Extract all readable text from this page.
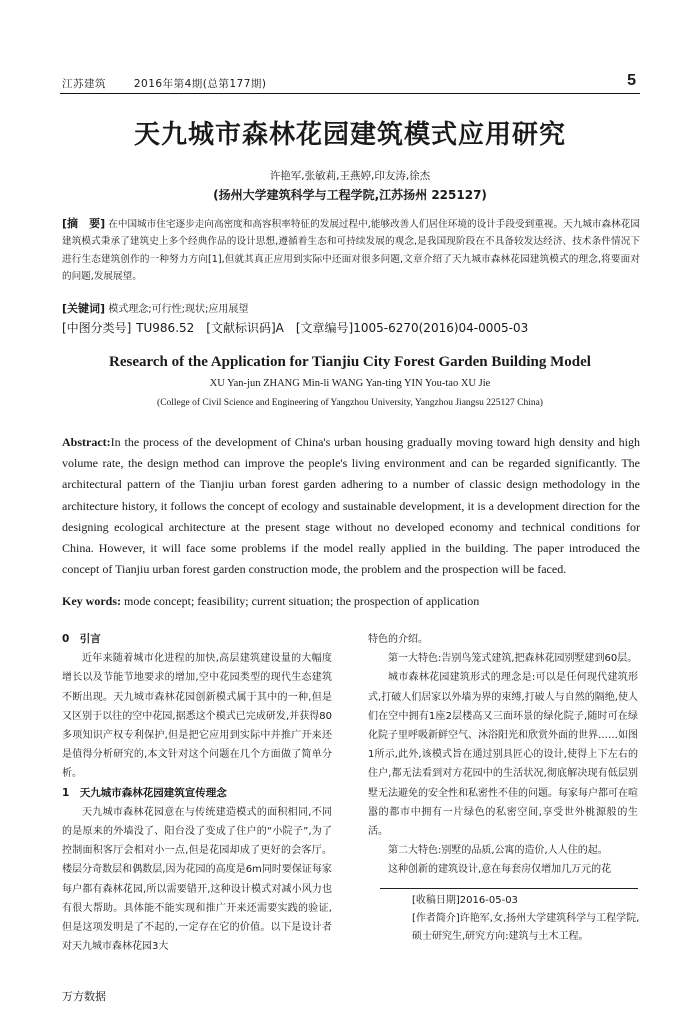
江苏建筑	2016年第4期(总第177期)	5
天九城市森林花园建筑模式应用研究
许艳军,张敏莉,王燕婷,印友涛,徐杰
(扬州大学建筑科学与工程学院,江苏扬州 225127)
[摘　要] 在中国城市住宅逐步走向高密度和高容积率特征的发展过程中,能够改善人们居住环境的设计手段受到重视。天九城市森林花园建筑模式秉承了建筑史上多个经典作品的设计思想,遵循着生态和可持续发展的观念,是我国现阶段在不具备较发达经济、技术条件情况下进行生态建筑创作的一种努力方向[1],但就其真正应用到实际中还面对很多问题,文章介绍了天九城市森林花园建筑模式的理念,将要面对的问题,发展展望。
[关键词] 模式理念;可行性;现状;应用展望
[中图分类号] TU986.52　[文献标识码]A　[文章编号]1005-6270(2016)04-0005-03
Research of the Application for Tianjiu City Forest Garden Building Model
XU Yan-jun ZHANG Min-li WANG Yan-ting YIN You-tao XU Jie
(College of Civil Science and Engineering of Yangzhou University, Yangzhou Jiangsu 225127 China)
Abstract:In the process of the development of China's urban housing gradually moving toward high density and high volume rate, the design method can improve the people's living environment and can be regarded significantly. The architectural pattern of the Tianjiu urban forest garden adhering to a number of classic design methodology in the architecture history, it follows the concept of ecology and sustainable development, it is a development direction for the designing ecological architecture at the present stage without no developed economy and technical conditions for China. However, it will face some problems if the model really applied in the building. The paper introduced the concept of Tianjiu urban forest garden construction mode, the problem and the prospection will be faced.
Key words: mode concept; feasibility; current situation; the prospection of application
0　引言

近年来随着城市化进程的加快,高层建筑建设量的大幅度增长以及节能节地要求的增加,空中花园类型的现代生态建筑不断出现。天九城市森林花园创新模式属于其中的一种,但是又区别于以往的空中花园,据悉这个模式已完成研发,并获得80多项知识产权专利保护,但是把它应用到实际中并推广开来还是值得分析研究的,本文针对这个问题在几个方面做了简单分析。

1　天九城市森林花园建筑宣传理念

天九城市森林花园意在与传统建造模式的面积相同,不同的是原来的外墙没了、阳台没了变成了住户的“小院子”,为了控制面积客厅会相对小一点,但是花园却成了更好的会客厅。楼层分奇数层和偶数层,因为花园的高度是6m同时要保证每家每户都有森林花园,所以需要错开,这种设计模式对减小风力也有很大帮助。具体能不能实现和推广开来还需要实践的验证,但是这项发明是了不起的,一定存在它的价值。以下是设计者对天九城市森林花园3大

特色的介绍。

第一大特色:告别鸟笼式建筑,把森林花园别墅建到60层。

城市森林花园建筑形式的理念是:可以是任何现代建筑形式,打破人们居家以外墙为界的束缚,打破人与自然的隔绝,使人们在空中拥有1座2层楼高又三面环景的绿化院子,随时可在绿化院子里呼吸新鲜空气、沐浴阳光和欣赏外面的世界……如图1所示,此外,该模式旨在通过别具匠心的设计,使得上下左右的住户,都无法看到对方花园中的生活状况,彻底解决现有低层别墅无法避免的安全性和私密性不佳的问题。每家每户都可在喧嚣的都市中拥有一片绿色的私密空间,享受世外桃源般的生活。

第二大特色:别墅的品质,公寓的造价,人人住的起。

这种创新的建筑设计,意在每套房仅增加几万元的花

[收稿日期]2016-05-03
[作者简介]许艳军,女,扬州大学建筑科学与工程学院,硕士研究生,研究方向:建筑与土木工程。
万方数据
